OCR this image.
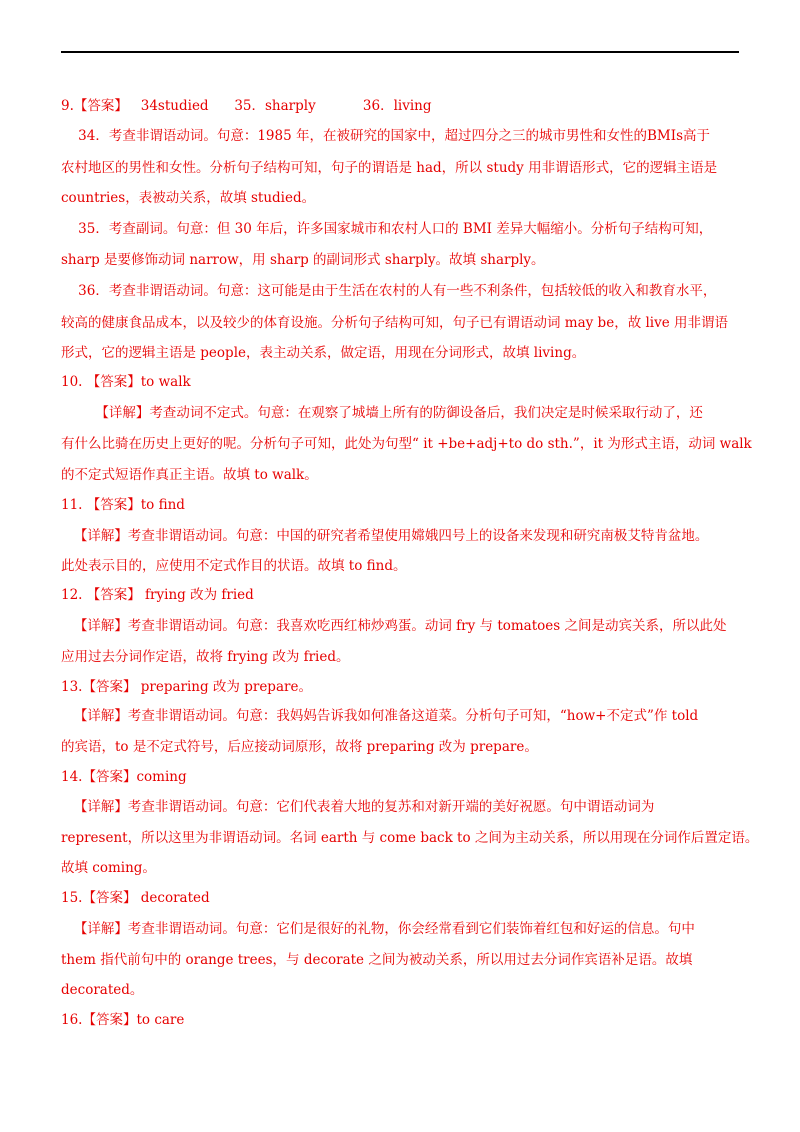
9.【答案】   34studied      35．sharply           36．living
34．考查非谓语动词。句意：1985 年，在被研究的国家中，超过四分之三的城市男性和女性的BMIs高于
农村地区的男性和女性。分析句子结构可知，句子的谓语是 had，所以 study 用非谓语形式，它的逻辑主语是
countries，表被动关系，故填 studied。
35．考查副词。句意：但 30 年后，许多国家城市和农村人口的 BMI 差异大幅缩小。分析句子结构可知，
sharp 是要修饰动词 narrow，用 sharp 的副词形式 sharply。故填 sharply。
36．考查非谓语动词。句意：这可能是由于生活在农村的人有一些不利条件，包括较低的收入和教育水平，
较高的健康食品成本，以及较少的体育设施。分析句子结构可知，句子已有谓语动词 may be，故 live 用非谓语
形式，它的逻辑主语是 people，表主动关系，做定语，用现在分词形式，故填 living。
10. 【答案】to walk
【详解】考查动词不定式。句意：在观察了城墙上所有的防御设备后，我们决定是时候采取行动了，还
有什么比骑在历史上更好的呢。分析句子可知，此处为句型“ it +be+adj+to do sth.”，it 为形式主语，动词 walk
的不定式短语作真正主语。故填 to walk。
11. 【答案】to find
【详解】考查非谓语动词。句意：中国的研究者希望使用嫦娥四号上的设备来发现和研究南极艾特肯盆地。
此处表示目的，应使用不定式作目的状语。故填 to find。
12. 【答案】 frying 改为 fried
【详解】考查非谓语动词。句意：我喜欢吃西红柿炒鸡蛋。动词 fry 与 tomatoes 之间是动宾关系，所以此处
应用过去分词作定语，故将 frying 改为 fried。
13.【答案】 preparing 改为 prepare。
【详解】考查非谓语动词。句意：我妈妈告诉我如何准备这道菜。分析句子可知，“how+不定式”作 told
的宾语，to 是不定式符号，后应接动词原形，故将 preparing 改为 prepare。
14.【答案】coming
【详解】考查非谓语动词。句意：它们代表着大地的复苏和对新开端的美好祝愿。句中谓语动词为
represent，所以这里为非谓语动词。名词 earth 与 come back to 之间为主动关系，所以用现在分词作后置定语。
故填 coming。
15.【答案】 decorated
【详解】考查非谓语动词。句意：它们是很好的礼物，你会经常看到它们装饰着红包和好运的信息。句中
them 指代前句中的 orange trees，与 decorate 之间为被动关系，所以用过去分词作宾语补足语。故填
decorated。
16.【答案】to care
